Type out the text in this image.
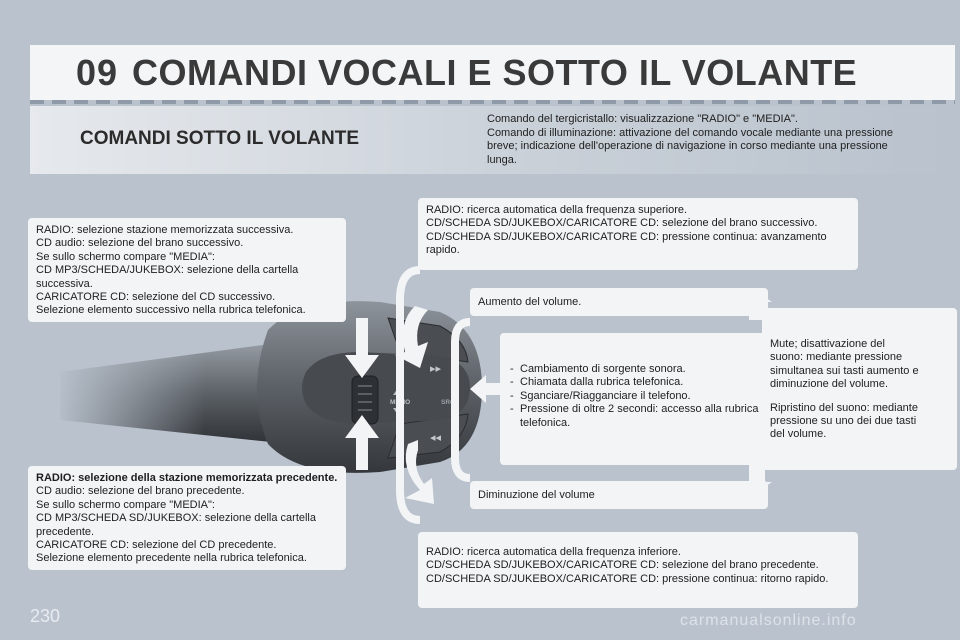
09 COMANDI VOCALI E SOTTO IL VOLANTE
COMANDI SOTTO IL VOLANTE
Comando del tergicristallo: visualizzazione "RADIO" e "MEDIA".
Comando di illuminazione: attivazione del comando vocale mediante una pressione
breve; indicazione dell'operazione di navigazione in corso mediante una pressione
lunga.
MEMO	SRC
▸▸
◂◂
RADIO: selezione stazione memorizzata successiva.
CD audio: selezione del brano successivo.
Se sullo schermo compare "MEDIA":
CD MP3/SCHEDA/JUKEBOX: selezione della cartella
successiva.
CARICATORE CD: selezione del CD successivo.
Selezione elemento successivo nella rubrica telefonica.
RADIO: selezione della stazione memorizzata precedente.
CD audio: selezione del brano precedente.
Se sullo schermo compare "MEDIA":
CD MP3/SCHEDA SD/JUKEBOX: selezione della cartella
precedente.
CARICATORE CD: selezione del CD precedente.
Selezione elemento precedente nella rubrica telefonica.
RADIO: ricerca automatica della frequenza superiore.
CD/SCHEDA SD/JUKEBOX/CARICATORE CD: selezione del brano successivo.
CD/SCHEDA SD/JUKEBOX/CARICATORE CD: pressione continua: avanzamento
rapido.
Aumento del volume.
- Cambiamento di sorgente sonora.
- Chiamata dalla rubrica telefonica.
- Sganciare/Riagganciare il telefono.
- Pressione di oltre 2 secondi: accesso alla rubrica telefonica.
Diminuzione del volume
Mute; disattivazione del
suono: mediante pressione
simultanea sui tasti aumento e
diminuzione del volume.
Ripristino del suono: mediante
pressione su uno dei due tasti
del volume.
RADIO: ricerca automatica della frequenza inferiore.
CD/SCHEDA SD/JUKEBOX/CARICATORE CD: selezione del brano precedente.
CD/SCHEDA SD/JUKEBOX/CARICATORE CD: pressione continua: ritorno rapido.
230	carmanualsonline.info
